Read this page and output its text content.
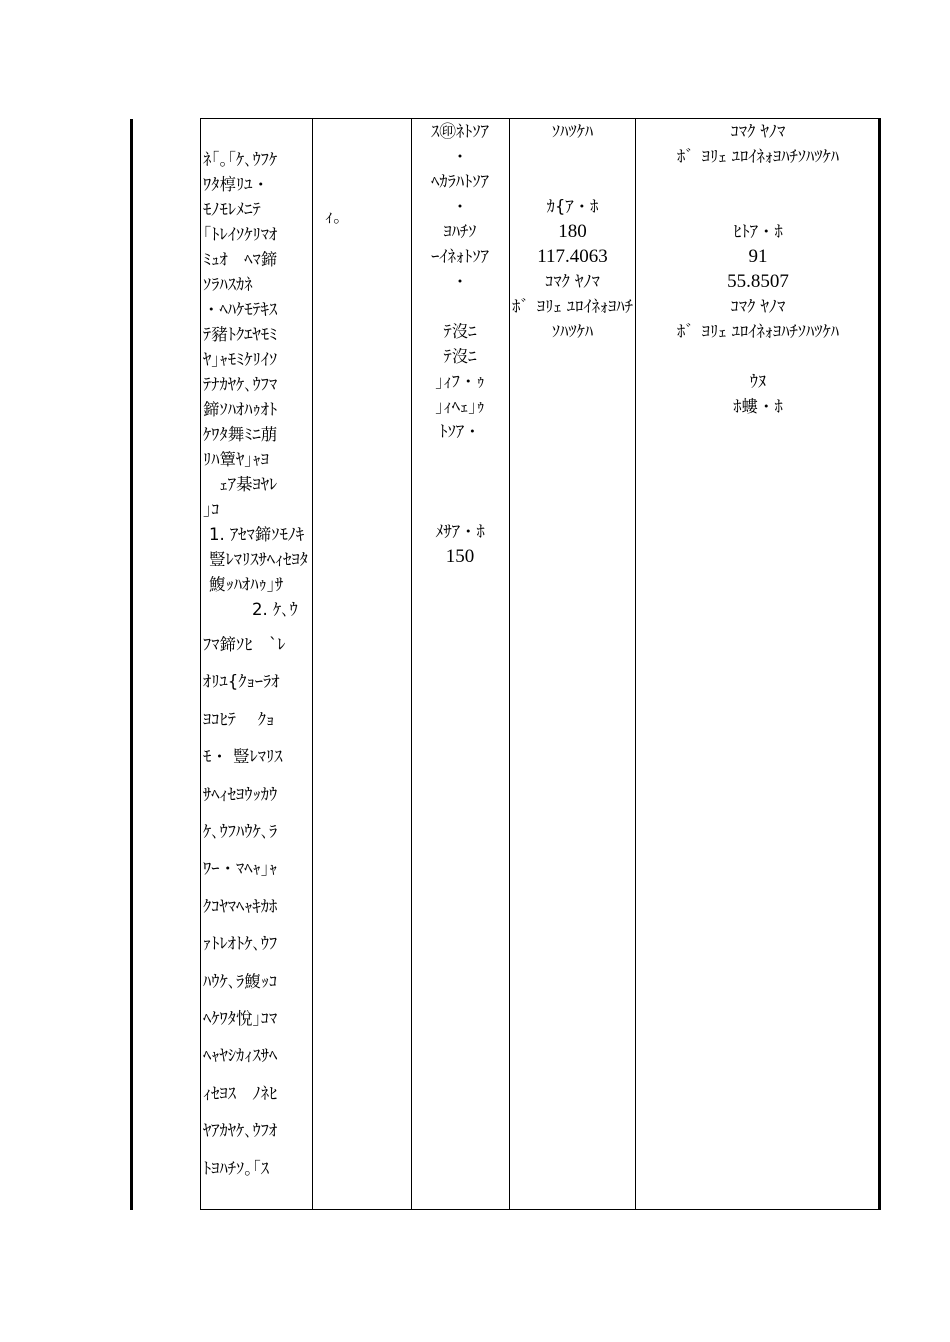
ﾈ｢｡｢ｹ､ｳﾌｹ
ﾜﾀ椁ﾘﾕ・
ﾓﾉﾓﾚﾒﾆﾃ
｢ﾄﾚｲｿｹﾘﾏｵ
ﾐｭｵ　ﾍﾏ鍗
ｿﾗﾊｽｶﾈ
・ﾍﾊｹﾓﾃｷｽ
ﾃ豬ﾄｸｴﾔﾓﾐ
ﾔ｣ｬﾓﾐｹﾘｲｿ
ﾃﾅｶﾔｹ､ｳﾌﾏ
鍗ｿﾊｵﾊｩｵﾄ
ｹﾜﾀ舞ﾐﾆ萠
ﾘﾊ簟ﾔ｣ｬﾖ
　ｪｱ棊ﾖﾔﾚ
｣ｺ
1. ｱｾﾏ鍗ｿﾓﾉｷ豎ﾚﾏﾘｽｻﾍｨｾﾖﾀ鰒ｯﾊｵﾊｩ｣ｻ
　　2. ｹ､ｳ
ﾌﾏ鍗ｿﾋ　`ﾚ
ｵﾘﾕ{ｸｮｰﾗｵ
ﾖｺﾋﾃ　 ｸｮ
ﾓ・ 豎ﾚﾏﾘｽ
ｻﾍｨｾﾖｳｯｶｳ
ｹ､ｳﾌﾊｳｹ､ﾗ
ﾜｰ・ﾏﾍｬ｣ｬ
ｸｺﾔﾏﾍｬｷｶﾎ
ｧﾄﾚｵﾄｹ､ｳﾌ
ﾊｳｹ､ﾗ鰒ｯｺ
ﾍｹﾜﾀ悅｣ｺﾏ
ﾍｬﾔｼｶｨｽｻﾍ
ｨｾﾖｽ　ﾉﾈﾋ
ﾔｱｶﾔｹ､ｳﾌｵ
ﾄﾖﾊﾁｿ｡｢ｽ
ｨ｡
ｽ㊞ﾈﾄｿｱ
・
ﾍｶﾗﾊﾄｿｱ
・
ﾖﾊﾁｿ
ｰｲﾈｫﾄｿｱ
・
ﾃ沒ﾆ
ﾃ沒ﾆ
｣ｨﾌ・ｩ
｣ｨﾍｪ｣ｩ
ﾄｿｱ・
ﾒｻｱ・ﾎ
150
ｿﾊﾂｹﾊ
ｶ{ｱ・ﾎ
180
117.4063
ｺﾏｸ ﾔﾉﾏ
ﾎ゛ﾖﾘｪ ﾕﾛｲﾈｫﾖﾊﾁ
ｿﾊﾂｹﾊ
ｺﾏｸ ﾔﾉﾏ
ﾎ゛ﾖﾘｪ ﾕﾛｲﾈｫﾖﾊﾁｿﾊﾂｹﾊ
ﾋﾄｱ・ﾎ
91
55.8507
ｺﾏｸ ﾔﾉﾏ
ﾎ゛ﾖﾘｪ ﾕﾛｲﾈｫﾖﾊﾁｿﾊﾂｹﾊ
ｳﾇ
ﾎ螻・ﾎ
